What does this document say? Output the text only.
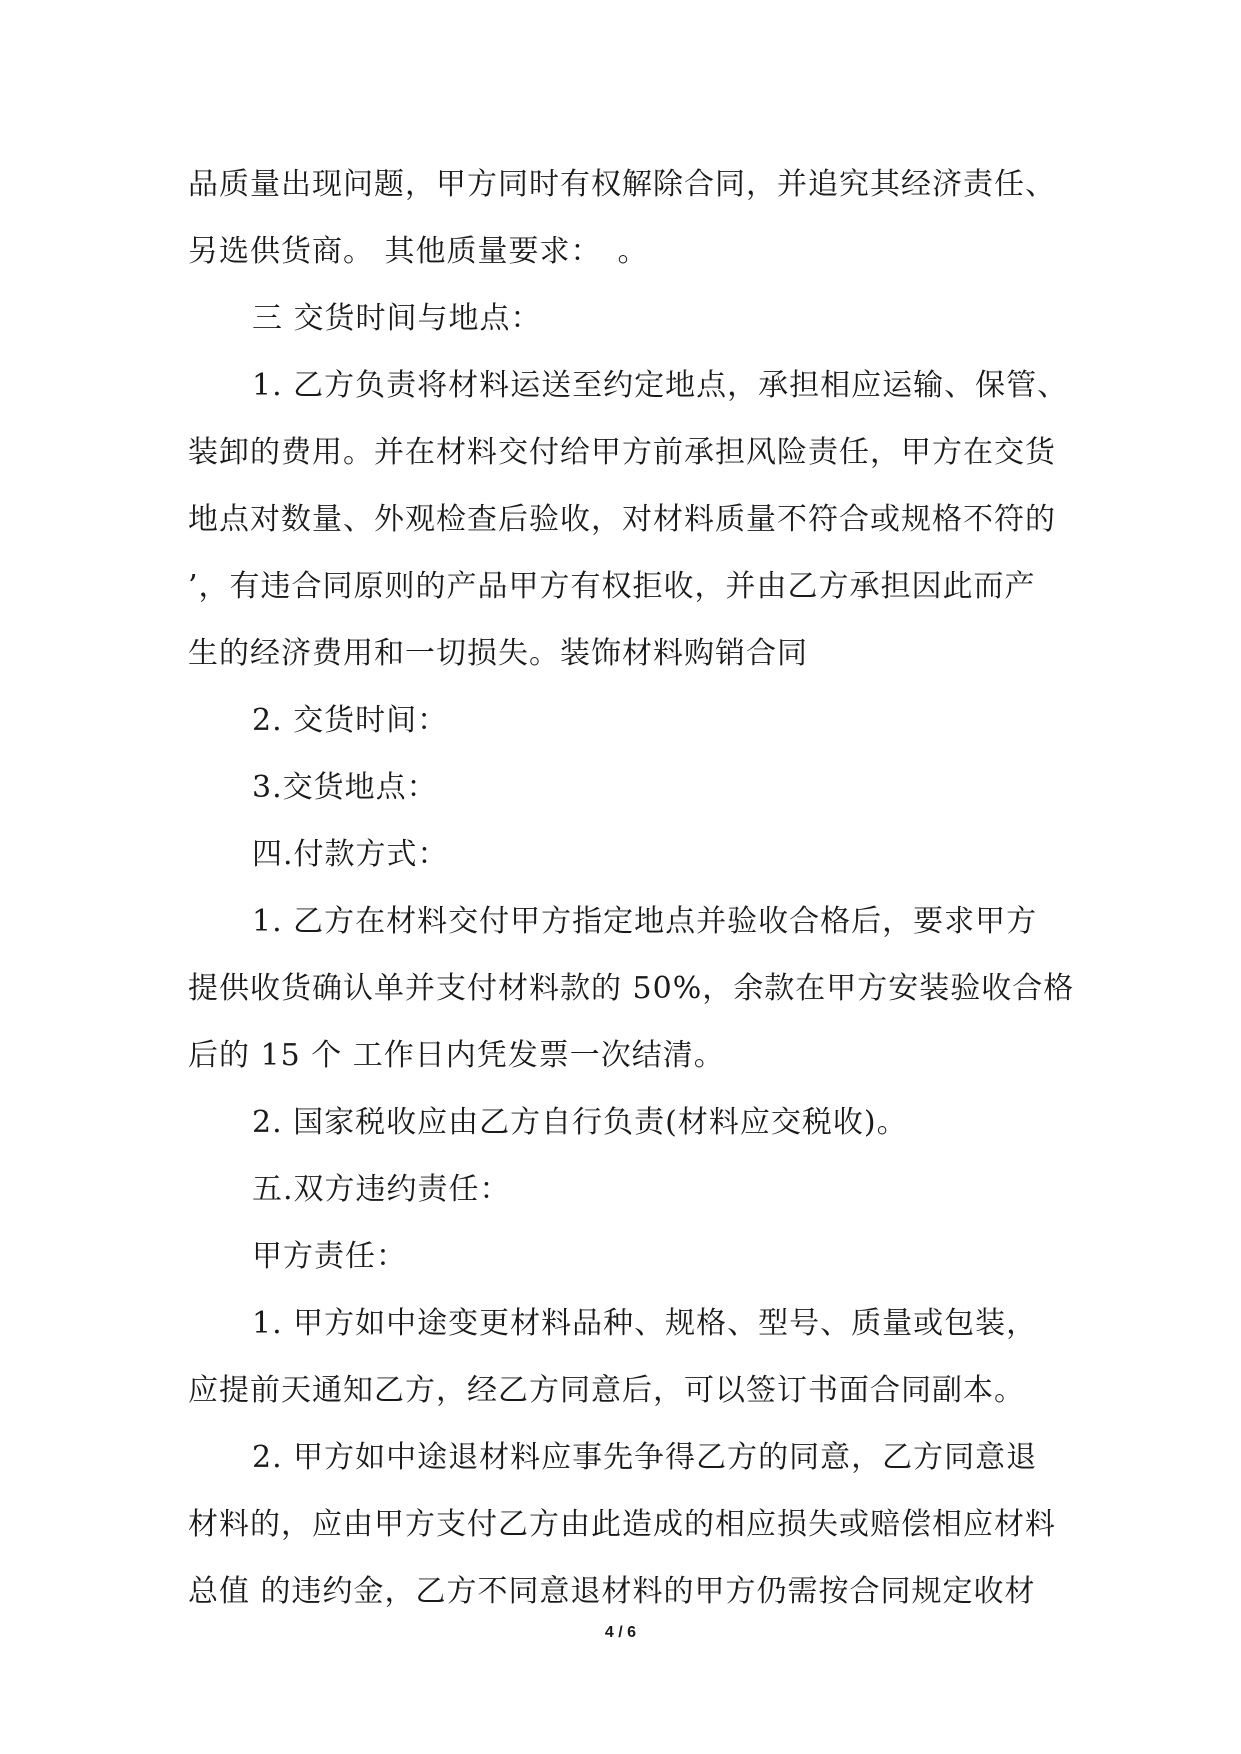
品质量出现问题，甲方同时有权解除合同，并追究其经济责任、
另选供货商。 其他质量要求：　。
三 交货时间与地点：
1. 乙方负责将材料运送至约定地点，承担相应运输、保管、
装卸的费用。并在材料交付给甲方前承担风险责任，甲方在交货
地点对数量、外观检查后验收，对材料质量不符合或规格不符的
’，有违合同原则的产品甲方有权拒收，并由乙方承担因此而产
生的经济费用和一切损失。装饰材料购销合同
2. 交货时间：
3.交货地点：
四.付款方式：
1. 乙方在材料交付甲方指定地点并验收合格后，要求甲方
提供收货确认单并支付材料款的 50%，余款在甲方安装验收合格
后的 15 个 工作日内凭发票一次结清。
2. 国家税收应由乙方自行负责(材料应交税收)。
五.双方违约责任：
甲方责任：
1. 甲方如中途变更材料品种、规格、型号、质量或包装，
应提前天通知乙方，经乙方同意后，可以签订书面合同副本。
2. 甲方如中途退材料应事先争得乙方的同意，乙方同意退
材料的，应由甲方支付乙方由此造成的相应损失或赔偿相应材料
总值 的违约金，乙方不同意退材料的甲方仍需按合同规定收材
4 / 6
